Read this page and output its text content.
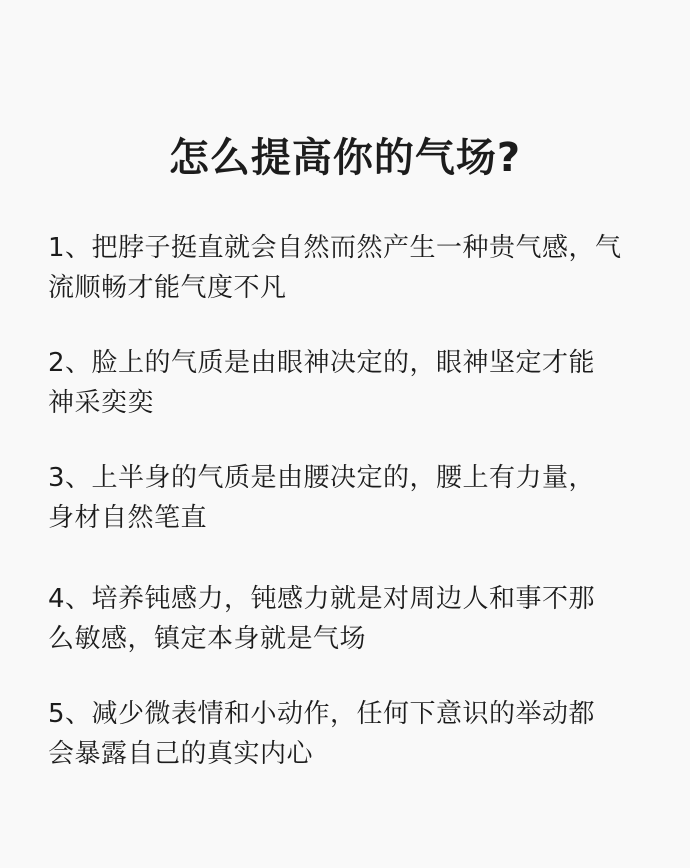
怎么提高你的气场?
1、把脖子挺直就会自然而然产生一种贵气感，气
流顺畅才能气度不凡
2、脸上的气质是由眼神决定的，眼神坚定才能
神采奕奕
3、上半身的气质是由腰决定的，腰上有力量，
身材自然笔直
4、培养钝感力，钝感力就是对周边人和事不那
么敏感，镇定本身就是气场
5、减少微表情和小动作，任何下意识的举动都
会暴露自己的真实内心
